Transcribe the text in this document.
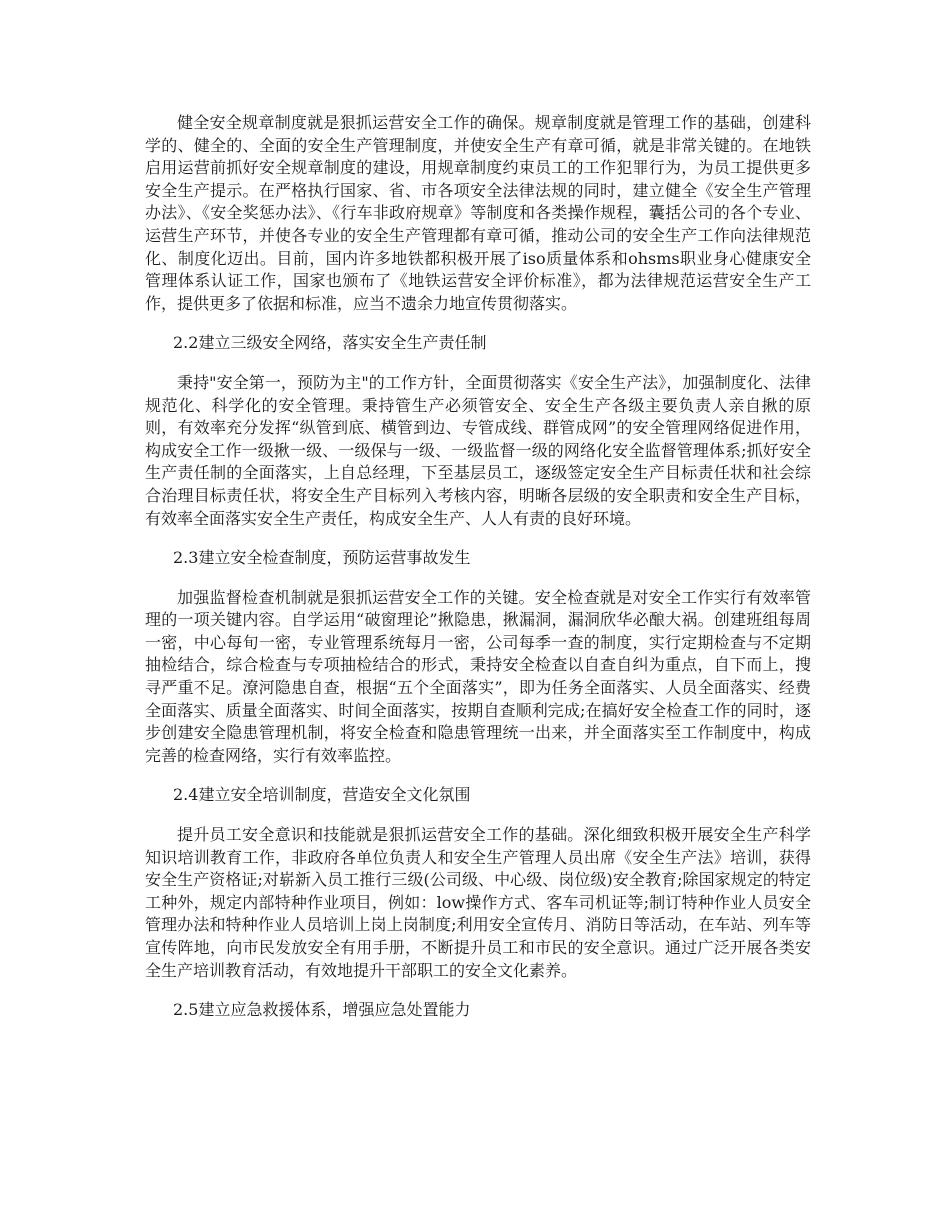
健全安全规章制度就是狠抓运营安全工作的确保。规章制度就是管理工作的基础，创建科学的、健全的、全面的安全生产管理制度，并使安全生产有章可循，就是非常关键的。在地铁启用运营前抓好安全规章制度的建设，用规章制度约束员工的工作犯罪行为，为员工提供更多安全生产提示。在严格执行国家、省、市各项安全法律法规的同时，建立健全《安全生产管理办法》、《安全奖惩办法》、《行车非政府规章》等制度和各类操作规程，囊括公司的各个专业、运营生产环节，并使各专业的安全生产管理都有章可循，推动公司的安全生产工作向法律规范化、制度化迈出。目前，国内许多地铁都积极开展了iso质量体系和ohsms职业身心健康安全管理体系认证工作，国家也颁布了《地铁运营安全评价标准》，都为法律规范运营安全生产工作，提供更多了依据和标准，应当不遗余力地宣传贯彻落实。

2.2建立三级安全网络，落实安全生产责任制

秉持"安全第一，预防为主"的工作方针，全面贯彻落实《安全生产法》，加强制度化、法律规范化、科学化的安全管理。秉持管生产必须管安全、安全生产各级主要负责人亲自揪的原则，有效率充分发挥“纵管到底、横管到边、专管成线、群管成网”的安全管理网络促进作用，构成安全工作一级揪一级、一级保与一级、一级监督一级的网络化安全监督管理体系;抓好安全生产责任制的全面落实，上自总经理，下至基层员工，逐级签定安全生产目标责任状和社会综合治理目标责任状，将安全生产目标列入考核内容，明晰各层级的安全职责和安全生产目标，有效率全面落实安全生产责任，构成安全生产、人人有责的良好环境。

2.3建立安全检查制度，预防运营事故发生

加强监督检查机制就是狠抓运营安全工作的关键。安全检查就是对安全工作实行有效率管理的一项关键内容。自学运用“破窗理论”揪隐患，揪漏洞，漏洞欣华必酿大祸。创建班组每周一密，中心每旬一密，专业管理系统每月一密，公司每季一查的制度，实行定期检查与不定期抽检结合，综合检查与专项抽检结合的形式，秉持安全检查以自查自纠为重点，自下而上，搜寻严重不足。潦河隐患自查，根据“五个全面落实”，即为任务全面落实、人员全面落实、经费全面落实、质量全面落实、时间全面落实，按期自查顺利完成;在搞好安全检查工作的同时，逐步创建安全隐患管理机制，将安全检查和隐患管理统一出来，并全面落实至工作制度中，构成完善的检查网络，实行有效率监控。

2.4建立安全培训制度，营造安全文化氛围

提升员工安全意识和技能就是狠抓运营安全工作的基础。深化细致积极开展安全生产科学知识培训教育工作，非政府各单位负责人和安全生产管理人员出席《安全生产法》培训，获得安全生产资格证;对崭新入员工推行三级(公司级、中心级、岗位级)安全教育;除国家规定的特定工种外，规定内部特种作业项目，例如：low操作方式、客车司机证等;制订特种作业人员安全管理办法和特种作业人员培训上岗上岗制度;利用安全宣传月、消防日等活动，在车站、列车等宣传阵地，向市民发放安全有用手册，不断提升员工和市民的安全意识。通过广泛开展各类安全生产培训教育活动，有效地提升干部职工的安全文化素养。

2.5建立应急救援体系，增强应急处置能力
